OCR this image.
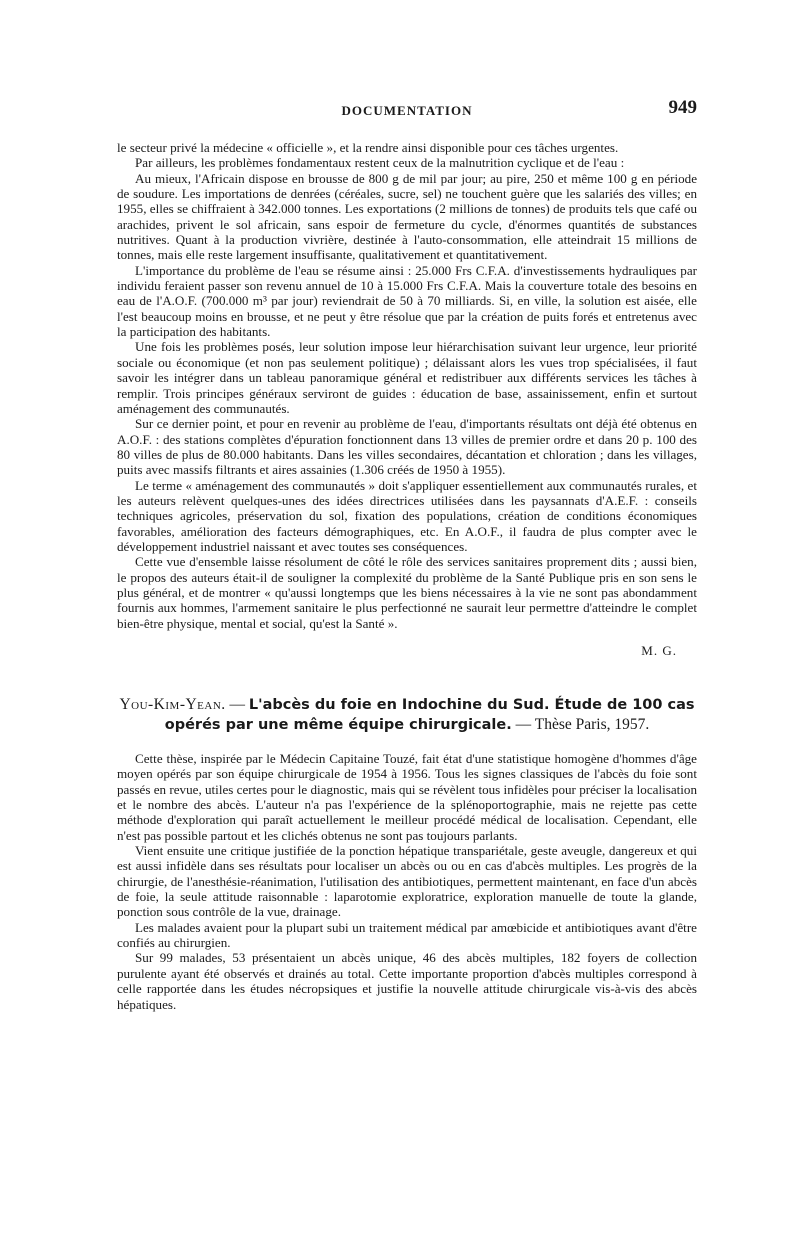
DOCUMENTATION	949

le secteur privé la médecine « officielle », et la rendre ainsi disponible pour ces tâches urgentes.

Par ailleurs, les problèmes fondamentaux restent ceux de la malnutrition cyclique et de l'eau :

Au mieux, l'Africain dispose en brousse de 800 g de mil par jour; au pire, 250 et même 100 g en période de soudure. Les importations de denrées (céréales, sucre, sel) ne touchent guère que les salariés des villes; en 1955, elles se chiffraient à 342.000 tonnes. Les exportations (2 millions de tonnes) de produits tels que café ou arachides, privent le sol africain, sans espoir de fermeture du cycle, d'énormes quantités de substances nutritives. Quant à la production vivrière, destinée à l'auto-consommation, elle atteindrait 15 millions de tonnes, mais elle reste largement insuffisante, qualitativement et quantitativement.

L'importance du problème de l'eau se résume ainsi : 25.000 Frs C.F.A. d'investissements hydrauliques par individu feraient passer son revenu annuel de 10 à 15.000 Frs C.F.A. Mais la couverture totale des besoins en eau de l'A.O.F. (700.000 m³ par jour) reviendrait de 50 à 70 milliards. Si, en ville, la solution est aisée, elle l'est beaucoup moins en brousse, et ne peut y être résolue que par la création de puits forés et entretenus avec la participation des habitants.

Une fois les problèmes posés, leur solution impose leur hiérarchisation suivant leur urgence, leur priorité sociale ou économique (et non pas seulement politique) ; délaissant alors les vues trop spécialisées, il faut savoir les intégrer dans un tableau panoramique général et redistribuer aux différents services les tâches à remplir. Trois principes généraux serviront de guides : éducation de base, assainissement, enfin et surtout aménagement des communautés.

Sur ce dernier point, et pour en revenir au problème de l'eau, d'importants résultats ont déjà été obtenus en A.O.F. : des stations complètes d'épuration fonctionnent dans 13 villes de premier ordre et dans 20 p. 100 des 80 villes de plus de 80.000 habitants. Dans les villes secondaires, décantation et chloration ; dans les villages, puits avec massifs filtrants et aires assainies (1.306 créés de 1950 à 1955).

Le terme « aménagement des communautés » doit s'appliquer essentiellement aux communautés rurales, et les auteurs relèvent quelques-unes des idées directrices utilisées dans les paysannats d'A.E.F. : conseils techniques agricoles, préservation du sol, fixation des populations, création de conditions économiques favorables, amélioration des facteurs démographiques, etc. En A.O.F., il faudra de plus compter avec le développement industriel naissant et avec toutes ses conséquences.

Cette vue d'ensemble laisse résolument de côté le rôle des services sanitaires proprement dits ; aussi bien, le propos des auteurs était-il de souligner la complexité du problème de la Santé Publique pris en son sens le plus général, et de montrer « qu'aussi longtemps que les biens nécessaires à la vie ne sont pas abondamment fournis aux hommes, l'armement sanitaire le plus perfectionné ne saurait leur permettre d'atteindre le complet bien-être physique, mental et social, qu'est la Santé ».

M. G.
You-Kim-Yean. — L'abcès du foie en Indochine du Sud. Étude de 100 cas opérés par une même équipe chirurgicale. — Thèse Paris, 1957.

Cette thèse, inspirée par le Médecin Capitaine Touzé, fait état d'une statistique homogène d'hommes d'âge moyen opérés par son équipe chirurgicale de 1954 à 1956. Tous les signes classiques de l'abcès du foie sont passés en revue, utiles certes pour le diagnostic, mais qui se révèlent tous infidèles pour préciser la localisation et le nombre des abcès. L'auteur n'a pas l'expérience de la splénoportographie, mais ne rejette pas cette méthode d'exploration qui paraît actuellement le meilleur procédé médical de localisation. Cependant, elle n'est pas possible partout et les clichés obtenus ne sont pas toujours parlants.

Vient ensuite une critique justifiée de la ponction hépatique transpariétale, geste aveugle, dangereux et qui est aussi infidèle dans ses résultats pour localiser un abcès ou ou en cas d'abcès multiples. Les progrès de la chirurgie, de l'anesthésie-réanimation, l'utilisation des antibiotiques, permettent maintenant, en face d'un abcès de foie, la seule attitude raisonnable : laparotomie exploratrice, exploration manuelle de toute la glande, ponction sous contrôle de la vue, drainage.

Les malades avaient pour la plupart subi un traitement médical par amœbicide et antibiotiques avant d'être confiés au chirurgien.

Sur 99 malades, 53 présentaient un abcès unique, 46 des abcès multiples, 182 foyers de collection purulente ayant été observés et drainés au total. Cette importante proportion d'abcès multiples correspond à celle rapportée dans les études nécropsiques et justifie la nouvelle attitude chirurgicale vis-à-vis des abcès hépatiques.
